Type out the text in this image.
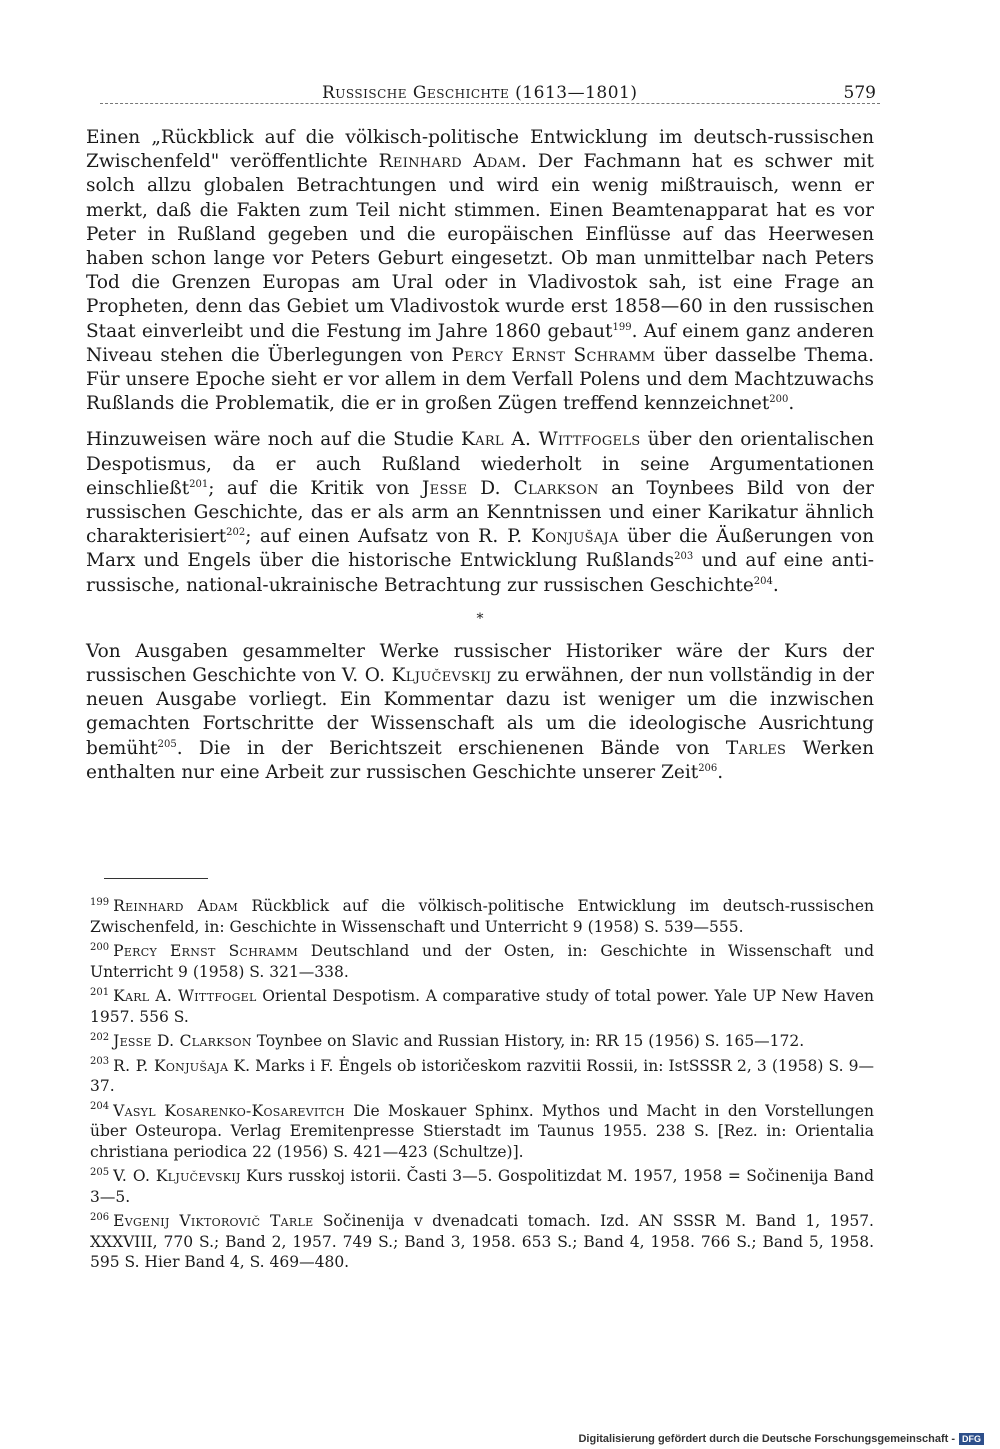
Russische Geschichte (1613—1801)	579

Einen „Rückblick auf die völkisch-politische Entwicklung im deutsch-russischen Zwischenfeld" veröffentlichte Reinhard Adam. Der Fachmann hat es schwer mit solch allzu globalen Betrachtungen und wird ein wenig mißtrauisch, wenn er merkt, daß die Fakten zum Teil nicht stimmen. Einen Beamtenapparat hat es vor Peter in Rußland gegeben und die europäischen Einflüsse auf das Heerwesen haben schon lange vor Peters Geburt eingesetzt. Ob man unmittelbar nach Peters Tod die Grenzen Europas am Ural oder in Vladivostok sah, ist eine Frage an Propheten, denn das Gebiet um Vladivostok wurde erst 1858—60 in den russischen Staat einverleibt und die Festung im Jahre 1860 gebaut$^{199}$. Auf einem ganz anderen Niveau stehen die Überlegungen von Percy Ernst Schramm über dasselbe Thema. Für unsere Epoche sieht er vor allem in dem Verfall Polens und dem Machtzuwachs Rußlands die Problematik, die er in großen Zügen treffend kennzeichnet$^{200}$.

Hinzuweisen wäre noch auf die Studie Karl A. Wittfogels über den orientalischen Despotismus, da er auch Rußland wiederholt in seine Argumentationen einschließt$^{201}$; auf die Kritik von Jesse D. Clarkson an Toynbees Bild von der russischen Geschichte, das er als arm an Kenntnissen und einer Karikatur ähnlich charakterisiert$^{202}$; auf einen Aufsatz von R. P. Konjušaja über die Äußerungen von Marx und Engels über die historische Entwicklung Rußlands$^{203}$ und auf eine anti-russische, national-ukrainische Betrachtung zur russischen Geschichte$^{204}$.

*

Von Ausgaben gesammelter Werke russischer Historiker wäre der Kurs der russischen Geschichte von V. O. Ključevskij zu erwähnen, der nun vollständig in der neuen Ausgabe vorliegt. Ein Kommentar dazu ist weniger um die inzwischen gemachten Fortschritte der Wissenschaft als um die ideologische Ausrichtung bemüht$^{205}$. Die in der Berichtszeit erschienenen Bände von Tarles Werken enthalten nur eine Arbeit zur russischen Geschichte unserer Zeit$^{206}$.

$^{199}$ Reinhard Adam Rückblick auf die völkisch-politische Entwicklung im deutsch-russischen Zwischenfeld, in: Geschichte in Wissenschaft und Unterricht 9 (1958) S. 539—555.
$^{200}$ Percy Ernst Schramm Deutschland und der Osten, in: Geschichte in Wissenschaft und Unterricht 9 (1958) S. 321—338.
$^{201}$ Karl A. Wittfogel Oriental Despotism. A comparative study of total power. Yale UP New Haven 1957. 556 S.
$^{202}$ Jesse D. Clarkson Toynbee on Slavic and Russian History, in: RR 15 (1956) S. 165—172.
$^{203}$ R. P. Konjušaja K. Marks i F. Ėngels ob istoričeskom razvitii Rossii, in: IstSSSR 2, 3 (1958) S. 9—37.
$^{204}$ Vasyl Kosarenko-Kosarevitch Die Moskauer Sphinx. Mythos und Macht in den Vorstellungen über Osteuropa. Verlag Eremitenpresse Stierstadt im Taunus 1955. 238 S. [Rez. in: Orientalia christiana periodica 22 (1956) S. 421—423 (Schultze)].
$^{205}$ V. O. Ključevskij Kurs russkoj istorii. Časti 3—5. Gospolitizdat M. 1957, 1958 = Sočinenija Band 3—5.
$^{206}$ Evgenij Viktorovič Tarle Sočinenija v dvenadcati tomach. Izd. AN SSSR M. Band 1, 1957. XXXVIII, 770 S.; Band 2, 1957. 749 S.; Band 3, 1958. 653 S.; Band 4, 1958. 766 S.; Band 5, 1958. 595 S. Hier Band 4, S. 469—480.
Digitalisierung gefördert durch die Deutsche Forschungsgemeinschaft - DFG
